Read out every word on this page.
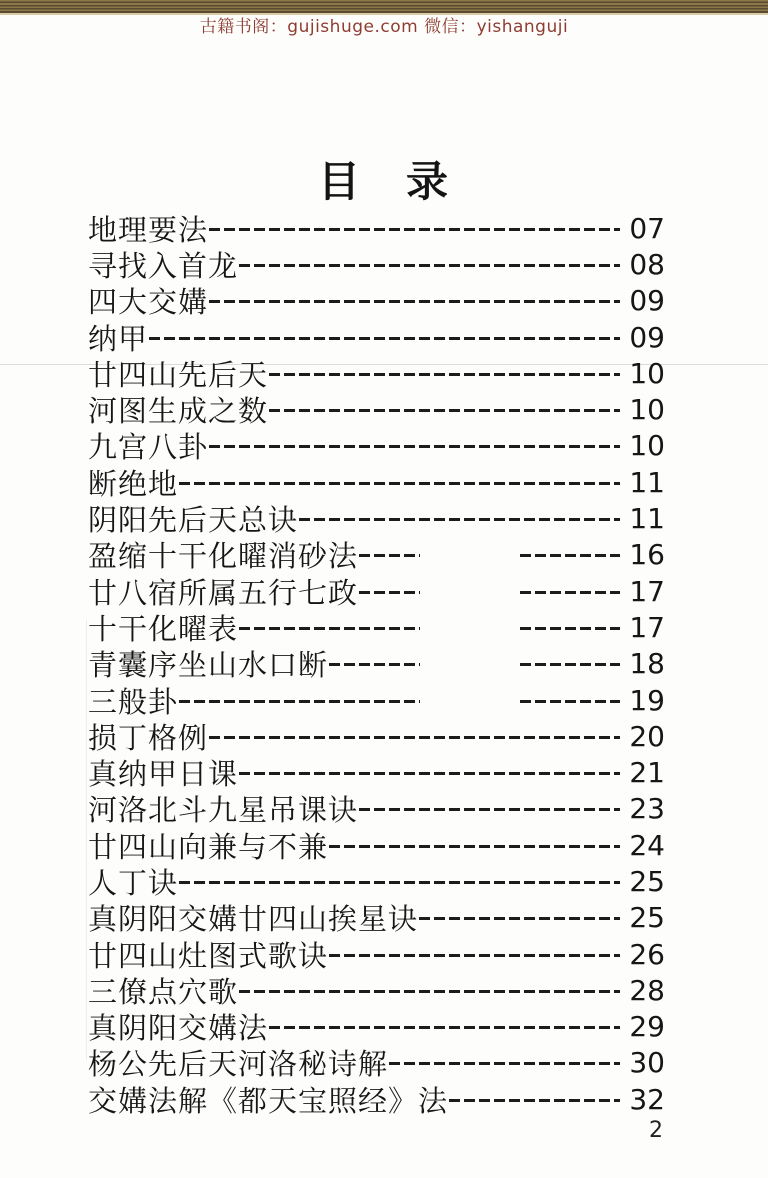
古籍书阁：gujishuge.com 微信：yishanguji
目　录
地理要法	07
寻找入首龙	08
四大交媾	09
纳甲	09
廿四山先后天	10
河图生成之数	10
九宫八卦	10
断绝地	11
阴阳先后天总诀	11
盈缩十干化曜消砂法	16
廿八宿所属五行七政	17
十干化曜表	17
青囊序坐山水口断	18
三般卦	19
损丁格例	20
真纳甲日课	21
河洛北斗九星吊课诀	23
廿四山向兼与不兼	24
人丁诀	25
真阴阳交媾廿四山挨星诀	25
廿四山灶图式歌诀	26
三僚点穴歌	28
真阴阳交媾法	29
杨公先后天河洛秘诗解	30
交媾法解《都天宝照经》法	32
2
